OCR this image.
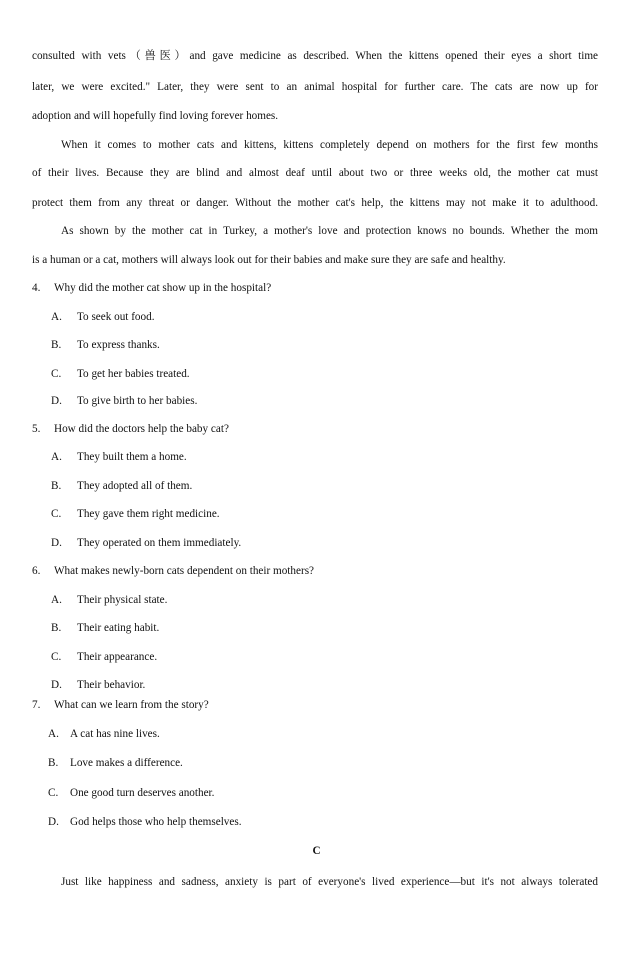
consulted with vets（兽医）and gave medicine as described. When the kittens opened their eyes a short time
later, we were excited." Later, they were sent to an animal hospital for further care. The cats are now up for
adoption and will hopefully find loving forever homes.
When it comes to mother cats and kittens, kittens completely depend on mothers for the first few months
of their lives. Because they are blind and almost deaf until about two or three weeks old, the mother cat must
protect them from any threat or danger. Without the mother cat's help, the kittens may not make it to adulthood.
As shown by the mother cat in Turkey, a mother's love and protection knows no bounds. Whether the mom
is a human or a cat, mothers will always look out for their babies and make sure they are safe and healthy.
4. Why did the mother cat show up in the hospital?
A. To seek out food.
B. To express thanks.
C. To get her babies treated.
D. To give birth to her babies.
5. How did the doctors help the baby cat?
A. They built them a home.
B. They adopted all of them.
C. They gave them right medicine.
D. They operated on them immediately.
6. What makes newly-born cats dependent on their mothers?
A. Their physical state.
B. Their eating habit.
C. Their appearance.
D. Their behavior.
7. What can we learn from the story?
A. A cat has nine lives.
B. Love makes a difference.
C. One good turn deserves another.
D. God helps those who help themselves.
C
Just like happiness and sadness, anxiety is part of everyone's lived experience—but it's not always tolerated
